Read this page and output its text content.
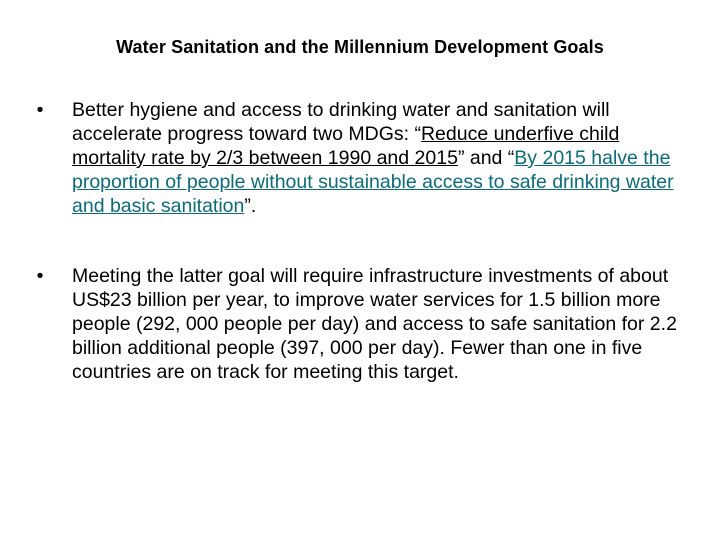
Water Sanitation and the Millennium Development Goals
•	Better hygiene and access to drinking water and sanitation will accelerate progress toward two MDGs: “Reduce underfive child mortality rate by 2/3 between 1990 and 2015” and “By 2015 halve the proportion of people without sustainable access to safe drinking water and basic sanitation”.
•	Meeting the latter goal will require infrastructure investments of about US$23 billion per year, to improve water services for 1.5 billion more people (292, 000 people per day) and access to safe sanitation for 2.2 billion additional people (397, 000 per day). Fewer than one in five countries are on track for meeting this target.
